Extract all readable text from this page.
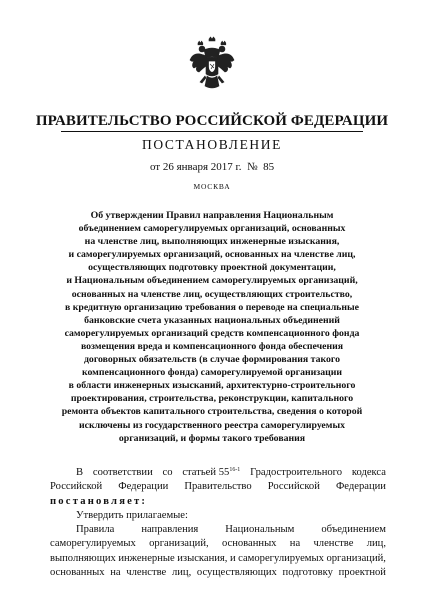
ПРАВИТЕЛЬСТВО РОССИЙСКОЙ ФЕДЕРАЦИИ
ПОСТАНОВЛЕНИЕ
от 26 января 2017 г. № 85
МОСКВА
Об утверждении Правил направления Национальным
объединением саморегулируемых организаций, основанных
на членстве лиц, выполняющих инженерные изыскания,
и саморегулируемых организаций, основанных на членстве лиц,
осуществляющих подготовку проектной документации,
и Национальным объединением саморегулируемых организаций,
основанных на членстве лиц, осуществляющих строительство,
в кредитную организацию требования о переводе на специальные
банковские счета указанных национальных объединений
саморегулируемых организаций средств компенсационного фонда
возмещения вреда и компенсационного фонда обеспечения
договорных обязательств (в случае формирования такого
компенсационного фонда) саморегулируемой организации
в области инженерных изысканий, архитектурно-строительного
проектирования, строительства, реконструкции, капитального
ремонта объектов капитального строительства, сведения о которой
исключены из государственного реестра саморегулируемых
организаций, и формы такого требования
В соответствии со статьей 55$^{16-1}$ Градостроительного кодекса
Российской Федерации Правительство Российской Федерации
постановляет:
Утвердить прилагаемые:
Правила	направления	Национальным	объединением
саморегулируемых организаций, основанных на членстве лиц,
выполняющих инженерные изыскания, и саморегулируемых организаций,
основанных на членстве лиц, осуществляющих подготовку проектной
